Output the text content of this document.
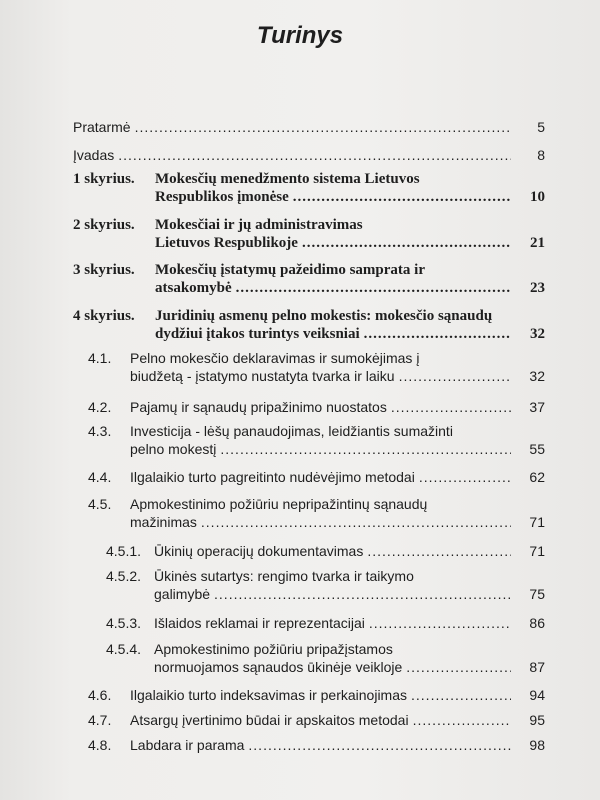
Turinys
Pratarmė .....	5
Įvadas .....	8
1 skyrius.	Mokesčių menedžmento sistema Lietuvos
Respublikos įmonėse .....	10
2 skyrius.	Mokesčiai ir jų administravimas
Lietuvos Respublikoje .....	21
3 skyrius.	Mokesčių įstatymų pažeidimo samprata ir
atsakomybė .....	23
4 skyrius.	Juridinių asmenų pelno mokestis: mokesčio sąnaudų
dydžiui įtakos turintys veiksniai .....	32
4.1.	Pelno mokesčio deklaravimas ir sumokėjimas į
biudžetą - įstatymo nustatyta tvarka ir laiku .....	32
4.2.	Pajamų ir sąnaudų pripažinimo nuostatos .....	37
4.3.	Investicija - lėšų panaudojimas, leidžiantis sumažinti
pelno mokestį .....	55
4.4.	Ilgalaikio turto pagreitinto nudėvėjimo metodai .....	62
4.5.	Apmokestinimo požiūriu nepripažintinų sąnaudų
mažinimas .....	71
4.5.1. Ūkinių operacijų dokumentavimas .....	71
4.5.2. Ūkinės sutartys: rengimo tvarka ir taikymo
galimybė .....	75
4.5.3. Išlaidos reklamai ir reprezentacijai .....	86
4.5.4. Apmokestinimo požiūriu pripažįstamos
normuojamos sąnaudos ūkinėje veikloje .....	87
4.6.	Ilgalaikio turto indeksavimas ir perkainojimas .....	94
4.7.	Atsargų įvertinimo būdai ir apskaitos metodai .....	95
4.8.	Labdara ir parama .....	98
